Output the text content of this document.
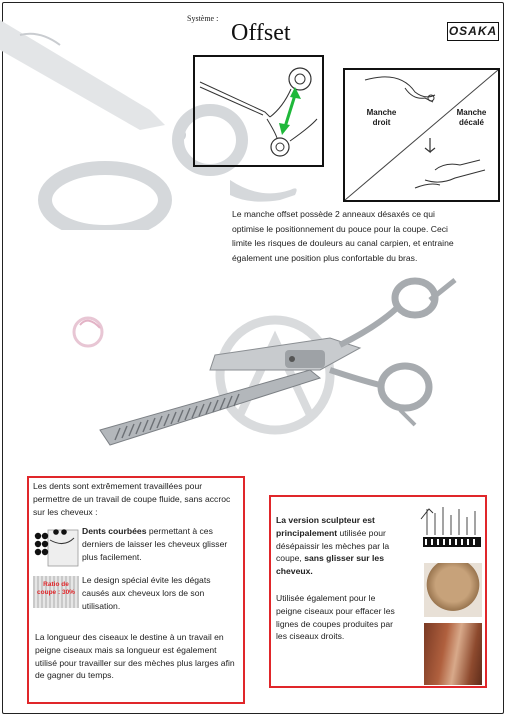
Système :
Offset	OSAKA
Manche droit
Manche décalé
Le manche offset possède 2 anneaux désaxés ce qui optimise le positionnement du pouce pour la coupe. Ceci limite les risques de douleurs au canal carpien, et entraine également une position plus confortable du bras.
Les dents sont extrêmement travaillées pour permettre de un travail de coupe fluide, sans accroc sur les cheveux :
Dents courbées permettant à ces derniers de laisser les cheveux glisser plus facilement.
Ratio de coupe : 30%
Le design spécial évite les dégats causés aux cheveux lors de son utilisation.
La longueur des ciseaux le destine à un travail en peigne ciseaux mais sa longueur est également utilisé pour travailler sur des mèches plus larges afin de gagner du temps.
La version sculpteur est principalement utilisée pour désépaissir les mèches par la coupe, sans glisser sur les cheveux.
Utilisée également pour le peigne ciseaux pour effacer les lignes de coupes produites par les ciseaux droits.
